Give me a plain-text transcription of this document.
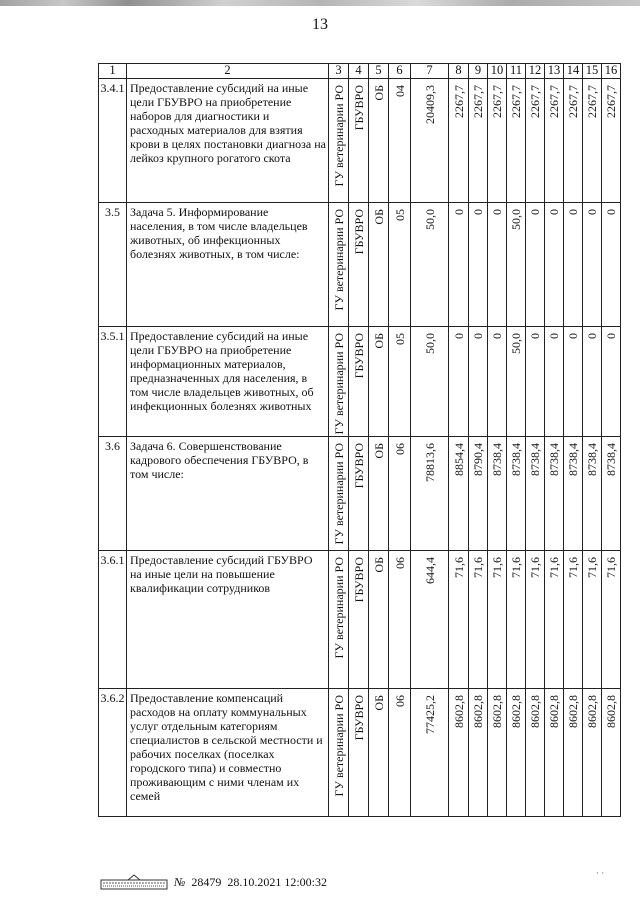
13
1	2	3	4	5	6	7	8	9	10	11	12	13	14	15	16
3.4.1	Предоставление субсидий на иные цели ГБУВРО на приобретение наборов для диагностики и расходных материалов для взятия крови в целях постановки диагноза на лейкоз крупного рогатого скота	ГУ ветеринарии РО	ГБУВРО	ОБ	04	20409,3	2267,7	2267,7	2267,7	2267,7	2267,7	2267,7	2267,7	2267,7	2267,7

3.5	Задача 5. Информирование населения, в том числе владельцев животных, об инфекционных болезнях животных, в том числе:	ГУ ветеринарии РО	ГБУВРО	ОБ	05	50,0	0	0	0	50,0	0	0	0	0	0

3.5.1	Предоставление субсидий на иные цели ГБУВРО на приобретение информационных материалов, предназначенных для населения, в том числе владельцев животных, об инфекционных болезнях животных	ГУ ветеринарии РО	ГБУВРО	ОБ	05	50,0	0	0	0	50,0	0	0	0	0	0

3.6	Задача 6. Совершенствование кадрового обеспечения ГБУВРО, в том числе:	ГУ ветеринарии РО	ГБУВРО	ОБ	06	78813,6	8854,4	8790,4	8738,4	8738,4	8738,4	8738,4	8738,4	8738,4	8738,4

3.6.1	Предоставление субсидий ГБУВРО на иные цели на повышение квалификации сотрудников	ГУ ветеринарии РО	ГБУВРО	ОБ	06	644,4	71,6	71,6	71,6	71,6	71,6	71,6	71,6	71,6	71,6

3.6.2	Предоставление компенсаций расходов на оплату коммунальных услуг отдельным категориям специалистов в сельской местности и рабочих поселках (поселках городского типа) и совместно проживающим с ними членам их семей	ГУ ветеринарии РО	ГБУВРО	ОБ	06	77425,2	8602,8	8602,8	8602,8	8602,8	8602,8	8602,8	8602,8	8602,8	8602,8
№ 28479 28.10.2021 12:00:32
· ·
